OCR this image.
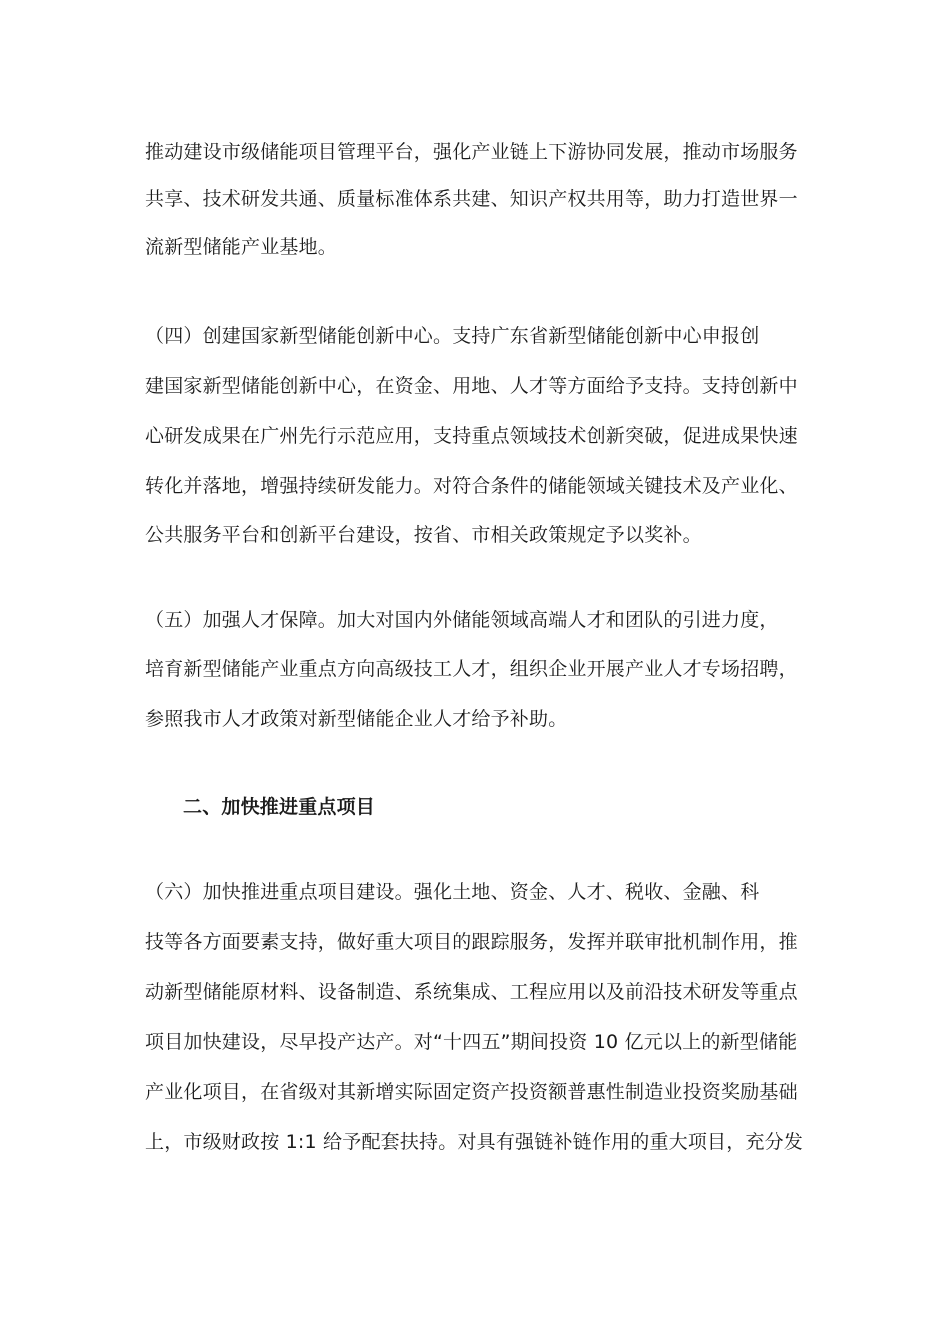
推动建设市级储能项目管理平台，强化产业链上下游协同发展，推动市场服务
共享、技术研发共通、质量标准体系共建、知识产权共用等，助力打造世界一
流新型储能产业基地。
（四）创建国家新型储能创新中心。支持广东省新型储能创新中心申报创
建国家新型储能创新中心，在资金、用地、人才等方面给予支持。支持创新中
心研发成果在广州先行示范应用，支持重点领域技术创新突破，促进成果快速
转化并落地，增强持续研发能力。对符合条件的储能领域关键技术及产业化、
公共服务平台和创新平台建设，按省、市相关政策规定予以奖补。
（五）加强人才保障。加大对国内外储能领域高端人才和团队的引进力度，
培育新型储能产业重点方向高级技工人才，组织企业开展产业人才专场招聘，
参照我市人才政策对新型储能企业人才给予补助。
二、加快推进重点项目
（六）加快推进重点项目建设。强化土地、资金、人才、税收、金融、科
技等各方面要素支持，做好重大项目的跟踪服务，发挥并联审批机制作用，推
动新型储能原材料、设备制造、系统集成、工程应用以及前沿技术研发等重点
项目加快建设，尽早投产达产。对“十四五”期间投资 10 亿元以上的新型储能
产业化项目，在省级对其新增实际固定资产投资额普惠性制造业投资奖励基础
上，市级财政按 1:1 给予配套扶持。对具有强链补链作用的重大项目，充分发
